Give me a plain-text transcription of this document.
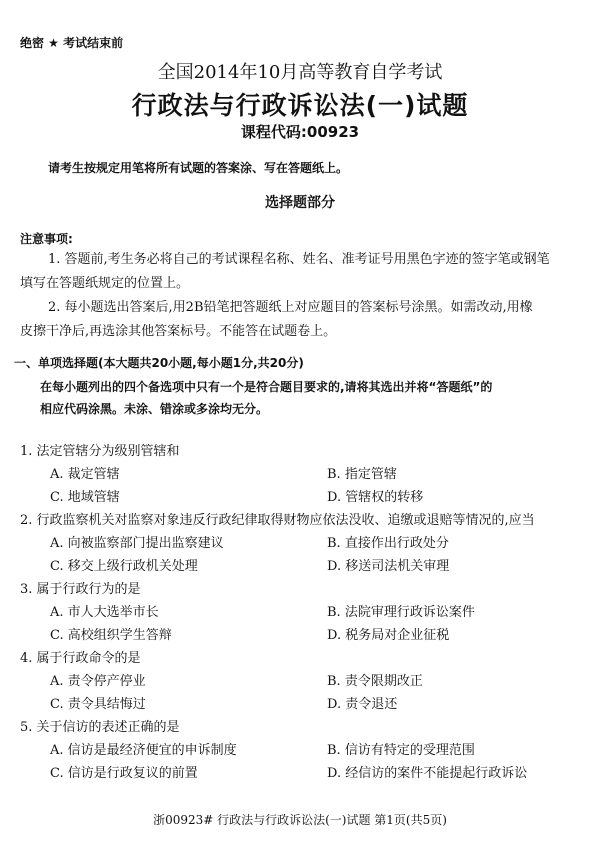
绝密 ★ 考试结束前
全国2014年10月高等教育自学考试
行政法与行政诉讼法(一)试题
课程代码:00923
请考生按规定用笔将所有试题的答案涂、写在答题纸上。
选择题部分
注意事项:
1. 答题前,考生务必将自己的考试课程名称、姓名、准考证号用黑色字迹的签字笔或钢笔
填写在答题纸规定的位置上。
2. 每小题选出答案后,用2B铅笔把答题纸上对应题目的答案标号涂黑。如需改动,用橡
皮擦干净后,再选涂其他答案标号。不能答在试题卷上。
一、单项选择题(本大题共20小题,每小题1分,共20分)
在每小题列出的四个备选项中只有一个是符合题目要求的,请将其选出并将“答题纸”的
相应代码涂黑。未涂、错涂或多涂均无分。
1. 法定管辖分为级别管辖和
A. 裁定管辖	B. 指定管辖
C. 地域管辖	D. 管辖权的转移
2. 行政监察机关对监察对象违反行政纪律取得财物应依法没收、追缴或退赔等情况的,应当
A. 向被监察部门提出监察建议	B. 直接作出行政处分
C. 移交上级行政机关处理	D. 移送司法机关审理
3. 属于行政行为的是
A. 市人大选举市长	B. 法院审理行政诉讼案件
C. 高校组织学生答辩	D. 税务局对企业征税
4. 属于行政命令的是
A. 责令停产停业	B. 责令限期改正
C. 责令具结悔过	D. 责令退还
5. 关于信访的表述正确的是
A. 信访是最经济便宜的申诉制度	B. 信访有特定的受理范围
C. 信访是行政复议的前置	D. 经信访的案件不能提起行政诉讼
浙00923# 行政法与行政诉讼法(一)试题 第1页(共5页)
